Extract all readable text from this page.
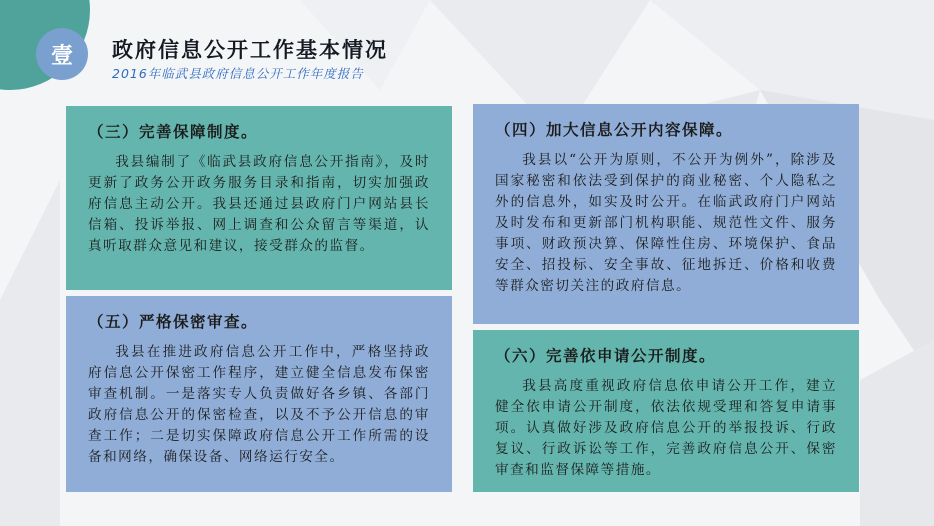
壹	政府信息公开工作基本情况
2016年临武县政府信息公开工作年度报告
（三）完善保障制度。

我县编制了《临武县政府信息公开指南》，及时更新了政务公开政务服务目录和指南，切实加强政府信息主动公开。我县还通过县政府门户网站县长信箱、投诉举报、网上调查和公众留言等渠道，认真听取群众意见和建议，接受群众的监督。

（四）加大信息公开内容保障。

我县以“公开为原则，不公开为例外”，除涉及国家秘密和依法受到保护的商业秘密、个人隐私之外的信息外，如实及时公开。在临武政府门户网站及时发布和更新部门机构职能、规范性文件、服务事项、财政预决算、保障性住房、环境保护、食品安全、招投标、安全事故、征地拆迁、价格和收费等群众密切关注的政府信息。

（五）严格保密审查。

我县在推进政府信息公开工作中，严格坚持政府信息公开保密工作程序，建立健全信息发布保密审查机制。一是落实专人负责做好各乡镇、各部门政府信息公开的保密检查，以及不予公开信息的审查工作；二是切实保障政府信息公开工作所需的设备和网络，确保设备、网络运行安全。

（六）完善依申请公开制度。

我县高度重视政府信息依申请公开工作，建立健全依申请公开制度，依法依规受理和答复申请事项。认真做好涉及政府信息公开的举报投诉、行政复议、行政诉讼等工作，完善政府信息公开、保密审查和监督保障等措施。
